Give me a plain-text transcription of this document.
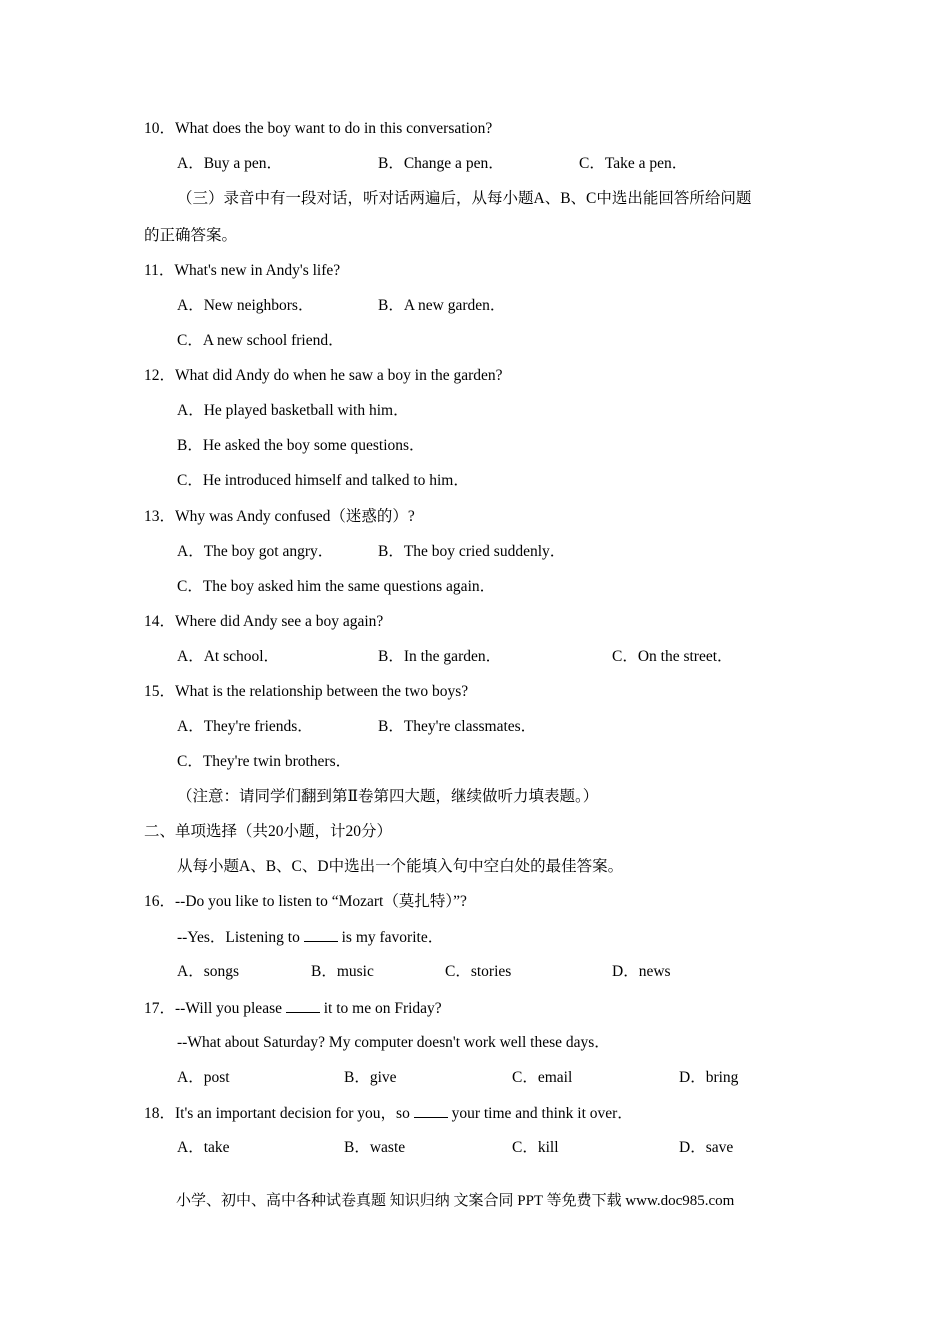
10．What does the boy want to do in this conversation?
A．Buy a pen．	B．Change a pen．	C．Take a pen．
（三）录音中有一段对话，听对话两遍后，从每小题A、B、C中选出能回答所给问题
的正确答案。
11．What's new in Andy's life?
A．New neighbors．	B．A new garden．
C．A new school friend．
12．What did Andy do when he saw a boy in the garden?
A．He played basketball with him．
B．He asked the boy some questions．
C．He introduced himself and talked to him．
13．Why was Andy confused（迷惑的）?
A．The boy got angry．	B．The boy cried suddenly．
C．The boy asked him the same questions again．
14．Where did Andy see a boy again?
A．At school．	B．In the garden．	C．On the street．
15．What is the relationship between the two boys?
A．They're friends．	B．They're classmates．
C．They're twin brothers．
（注意：请同学们翻到第Ⅱ卷第四大题，继续做听力填表题。）
二、单项选择（共20小题，计20分）
从每小题A、B、C、D中选出一个能填入句中空白处的最佳答案。
16．--Do you like to listen to “Mozart（莫扎特）”?
--Yes．Listening to  is my favorite．
A．songs	B．music	C．stories	D．news
17．--Will you please  it to me on Friday?
--What about Saturday? My computer doesn't work well these days．
A．post	B．give	C．email	D．bring
18．It's an important decision for you，so  your time and think it over．
A．take	B．waste	C．kill	D．save
小学、初中、高中各种试卷真题 知识归纳 文案合同 PPT 等免费下载 www.doc985.com
